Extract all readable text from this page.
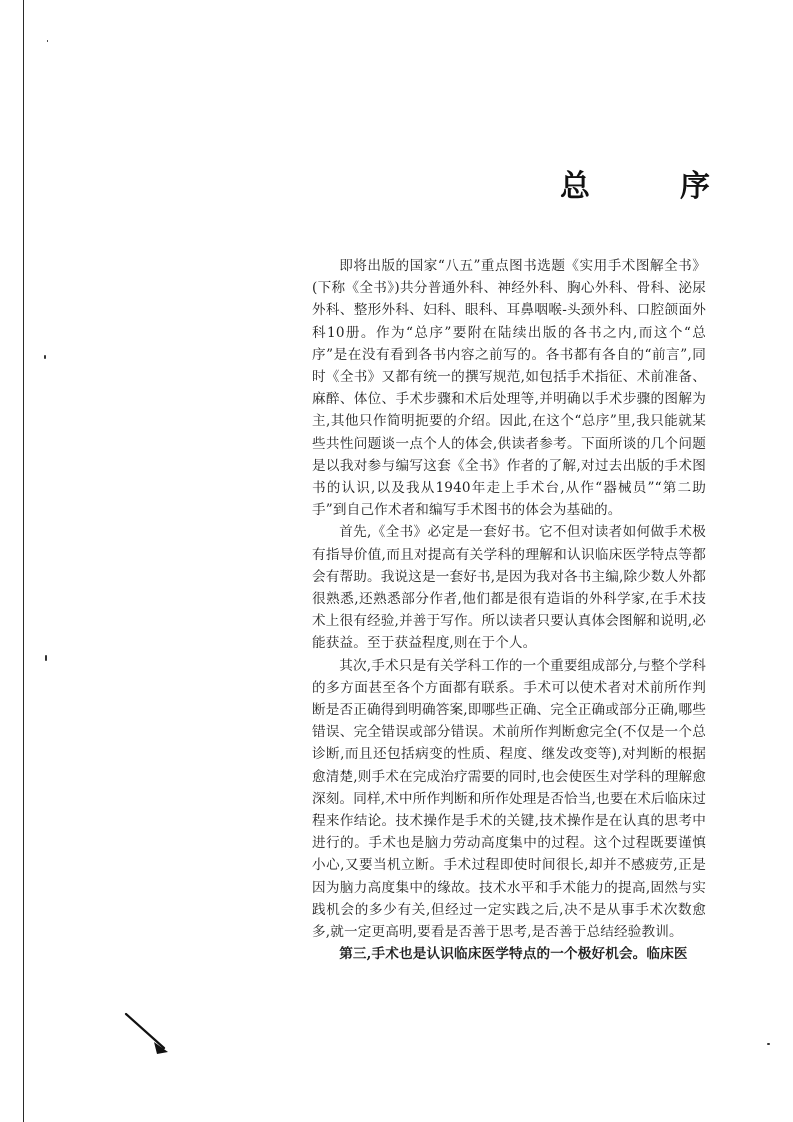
总	序

即将出版的国家“八五”重点图书选题《实用手术图解全书》(下称《全书》)共分普通外科、神经外科、胸心外科、骨科、泌尿外科、整形外科、妇科、眼科、耳鼻咽喉-头颈外科、口腔颌面外科10册。作为“总序”要附在陆续出版的各书之内,而这个“总序”是在没有看到各书内容之前写的。各书都有各自的“前言”,同时《全书》又都有统一的撰写规范,如包括手术指征、术前准备、麻醉、体位、手术步骤和术后处理等,并明确以手术步骤的图解为主,其他只作简明扼要的介绍。因此,在这个“总序”里,我只能就某些共性问题谈一点个人的体会,供读者参考。下面所谈的几个问题是以我对参与编写这套《全书》作者的了解,对过去出版的手术图书的认识,以及我从1940年走上手术台,从作“器械员”“第二助手”到自己作术者和编写手术图书的体会为基础的。

首先,《全书》必定是一套好书。它不但对读者如何做手术极有指导价值,而且对提高有关学科的理解和认识临床医学特点等都会有帮助。我说这是一套好书,是因为我对各书主编,除少数人外都很熟悉,还熟悉部分作者,他们都是很有造诣的外科学家,在手术技术上很有经验,并善于写作。所以读者只要认真体会图解和说明,必能获益。至于获益程度,则在于个人。

其次,手术只是有关学科工作的一个重要组成部分,与整个学科的多方面甚至各个方面都有联系。手术可以使术者对术前所作判断是否正确得到明确答案,即哪些正确、完全正确或部分正确,哪些错误、完全错误或部分错误。术前所作判断愈完全(不仅是一个总诊断,而且还包括病变的性质、程度、继发改变等),对判断的根据愈清楚,则手术在完成治疗需要的同时,也会使医生对学科的理解愈深刻。同样,术中所作判断和所作处理是否恰当,也要在术后临床过程来作结论。技术操作是手术的关键,技术操作是在认真的思考中进行的。手术也是脑力劳动高度集中的过程。这个过程既要谨慎小心,又要当机立断。手术过程即使时间很长,却并不感疲劳,正是因为脑力高度集中的缘故。技术水平和手术能力的提高,固然与实践机会的多少有关,但经过一定实践之后,决不是从事手术次数愈多,就一定更高明,要看是否善于思考,是否善于总结经验教训。

第三,手术也是认识临床医学特点的一个极好机会。临床医
